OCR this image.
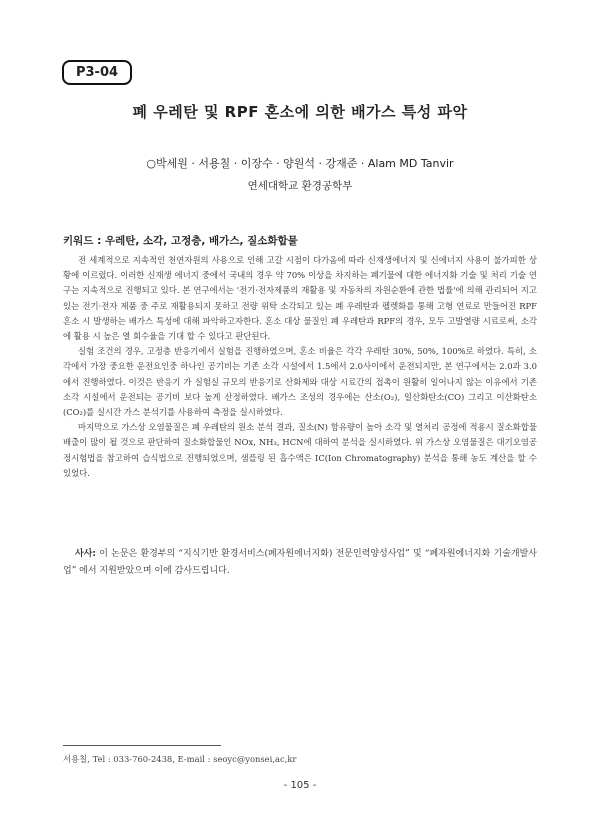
P3-04
폐 우레탄 및 RPF 혼소에 의한 배가스 특성 파악
○박세원 · 서용칠 · 이장수 · 양원석 · 강재준 · Alam MD Tanvir
연세대학교 환경공학부
키워드 : 우레탄, 소각, 고정층, 배가스, 질소화합물

전 세계적으로 지속적인 천연자원의 사용으로 인해 고갈 시점이 다가옴에 따라 신재생에너지 및 신에너지 사용이 불가피한 상황에 이르렀다. 이러한 신재생 에너지 중에서 국내의 경우 약 70% 이상을 차지하는 폐기물에 대한 에너지화 기술 및 처리 기술 연구는 지속적으로 진행되고 있다. 본 연구에서는 '전기·전자제품의 재활용 및 자동차의 자원순환에 관한 법률'에 의해 관리되어 지고 있는 전기·전자 제품 중 주로 재활용되지 못하고 전량 위탁 소각되고 있는 폐 우레탄과 펠렛화를 통해 고형 연료로 만들어진 RPF 혼소 시 발생하는 배가스 특성에 대해 파악하고자한다. 혼소 대상 물질인 폐 우레탄과 RPF의 경우, 모두 고발열량 시료로써, 소각에 활용 시 높은 열 회수율을 기대 할 수 있다고 판단된다.

실험 조건의 경우, 고정층 반응기에서 실험을 진행하였으며, 혼소 비율은 각각 우레탄 30%, 50%, 100%로 하였다. 특히, 소각에서 가장 중요한 운전요인중 하나인 공기비는 기존 소각 시설에서 1.5에서 2.0사이에서 운전되지만, 본 연구에서는 2.0과 3.0에서 진행하였다. 이것은 반응기 가 실험실 규모의 반응기로 산화제와 대상 시료간의 접촉이 원활히 일어나지 않는 이유에서 기존 소각 시설에서 운전되는 공기비 보다 높게 산정하였다. 배가스 조성의 경우에는 산소(O₂), 일산화탄소(CO) 그리고 이산화탄소(CO₂)를 실시간 가스 분석기를 사용하여 측정을 실시하였다.

마지막으로 가스상 오염물질은 폐 우레탄의 원소 분석 결과, 질소(N) 함유량이 높아 소각 및 열처리 공정에 적용시 질소화합물 배출이 많이 될 것으로 판단하여 질소화합물인 NOx, NH₃, HCN에 대하여 분석을 실시하였다. 위 가스상 오염물질은 대기오염공정시험법을 참고하여 습식법으로 진행되었으며, 샘플링 된 흡수액은 IC(Ion Chromatography) 분석을 통해 농도 계산을 할 수 있었다.

사사: 이 논문은 환경부의 “지식기반 환경서비스(폐자원에너지화) 전문인력양성사업” 및 “폐자원에너지화 기술개발사업” 에서 지원받았으며 이에 감사드립니다.
서용칠, Tel : 033-760-2438, E-mail : seoyc@yonsei,ac,kr
- 105 -
